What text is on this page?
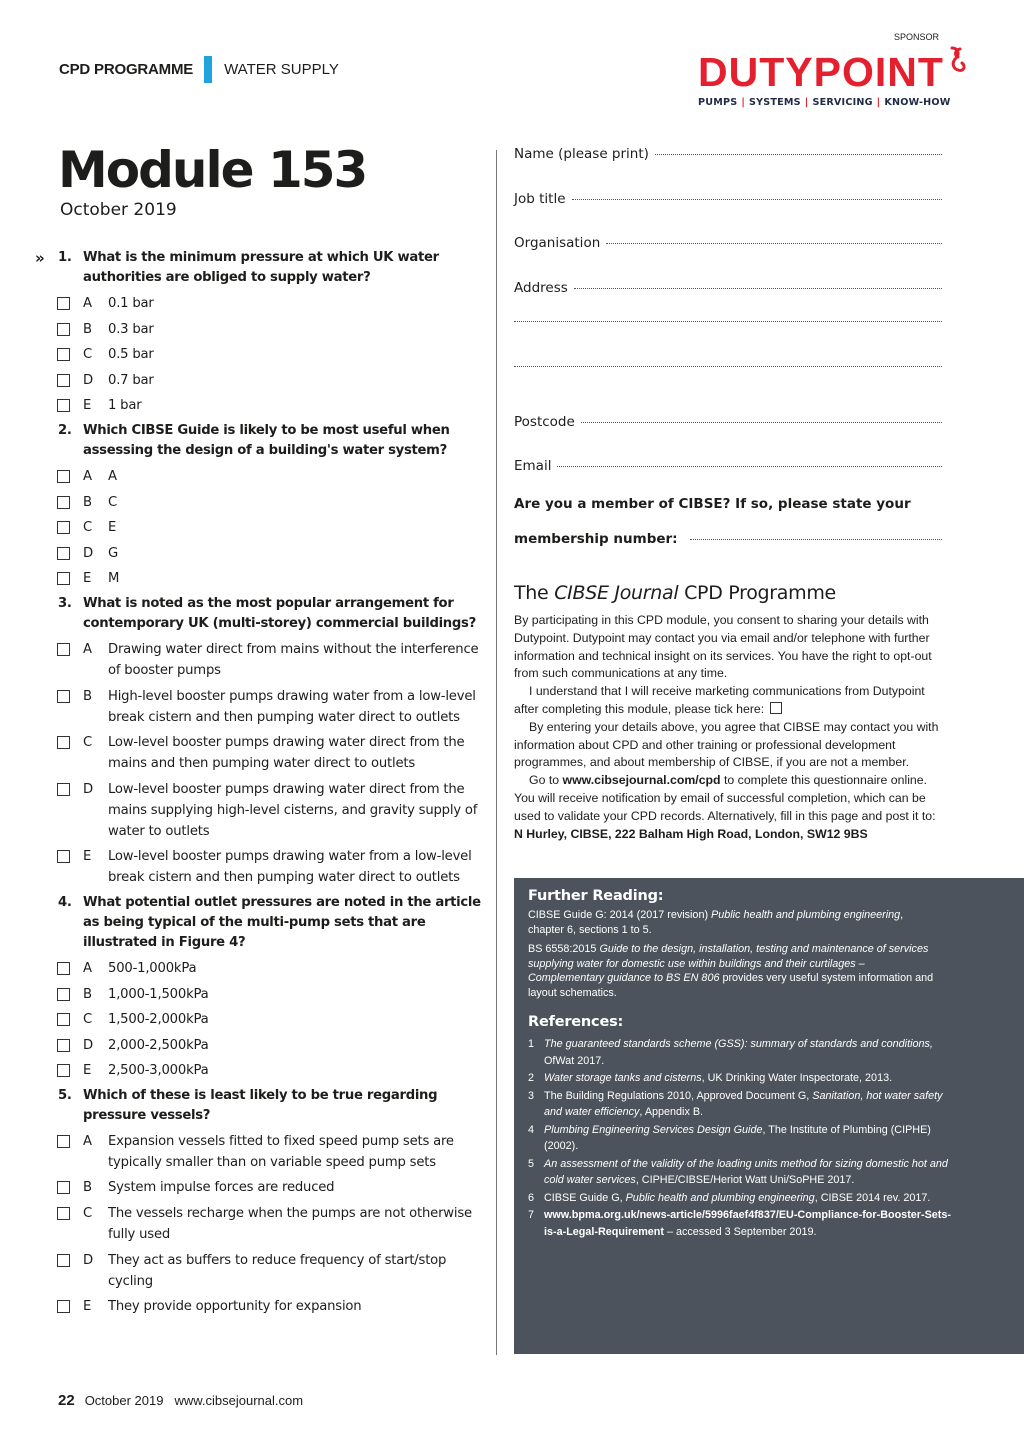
CPD PROGRAMME WATER SUPPLY
SPONSOR
DUTYPOINT
PUMPS | SYSTEMS | SERVICING | KNOW-HOW
Module 153
October 2019
» 1. What is the minimum pressure at which UK water authorities are obliged to supply water?
A 0.1 bar
B 0.3 bar
C 0.5 bar
D 0.7 bar
E 1 bar
2. Which CIBSE Guide is likely to be most useful when assessing the design of a building's water system?
A A
B C
C E
D G
E M
3. What is noted as the most popular arrangement for contemporary UK (multi-storey) commercial buildings?
A Drawing water direct from mains without the interference of booster pumps
B High-level booster pumps drawing water from a low-level break cistern and then pumping water direct to outlets
C Low-level booster pumps drawing water direct from the mains and then pumping water direct to outlets
D Low-level booster pumps drawing water direct from the mains supplying high-level cisterns, and gravity supply of water to outlets
E Low-level booster pumps drawing water from a low-level break cistern and then pumping water direct to outlets
4. What potential outlet pressures are noted in the article as being typical of the multi-pump sets that are illustrated in Figure 4?
A 500-1,000kPa
B 1,000-1,500kPa
C 1,500-2,000kPa
D 2,000-2,500kPa
E 2,500-3,000kPa
5. Which of these is least likely to be true regarding pressure vessels?
A Expansion vessels fitted to fixed speed pump sets are typically smaller than on variable speed pump sets
B System impulse forces are reduced
C The vessels recharge when the pumps are not otherwise fully used
D They act as buffers to reduce frequency of start/stop cycling
E They provide opportunity for expansion
Name (please print)
Job title
Organisation
Address
Postcode
Email
Are you a member of CIBSE? If so, please state your
membership number:
The CIBSE Journal CPD Programme

By participating in this CPD module, you consent to sharing your details with Dutypoint. Dutypoint may contact you via email and/or telephone with further information and technical insight on its services. You have the right to opt-out from such communications at any time.

I understand that I will receive marketing communications from Dutypoint after completing this module, please tick here:

By entering your details above, you agree that CIBSE may contact you with information about CPD and other training or professional development programmes, and about membership of CIBSE, if you are not a member.

Go to www.cibsejournal.com/cpd to complete this questionnaire online. You will receive notification by email of successful completion, which can be used to validate your CPD records. Alternatively, fill in this page and post it to: N Hurley, CIBSE, 222 Balham High Road, London, SW12 9BS

Further Reading:

CIBSE Guide G: 2014 (2017 revision) Public health and plumbing engineering, chapter 6, sections 1 to 5.

BS 6558:2015 Guide to the design, installation, testing and maintenance of services supplying water for domestic use within buildings and their curtilages – Complementary guidance to BS EN 806 provides very useful system information and layout schematics.

References:
1 The guaranteed standards scheme (GSS): summary of standards and conditions, OfWat 2017.
2 Water storage tanks and cisterns, UK Drinking Water Inspectorate, 2013.
3 The Building Regulations 2010, Approved Document G, Sanitation, hot water safety and water efficiency, Appendix B.
4 Plumbing Engineering Services Design Guide, The Institute of Plumbing (CIPHE) (2002).
5 An assessment of the validity of the loading units method for sizing domestic hot and cold water services, CIPHE/CIBSE/Heriot Watt Uni/SoPHE 2017.
6 CIBSE Guide G, Public health and plumbing engineering, CIBSE 2014 rev. 2017.
7 www.bpma.org.uk/news-article/5996faef4f837/EU-Compliance-for-Booster-Sets-is-a-Legal-Requirement – accessed 3 September 2019.
22 October 2019 www.cibsejournal.com
